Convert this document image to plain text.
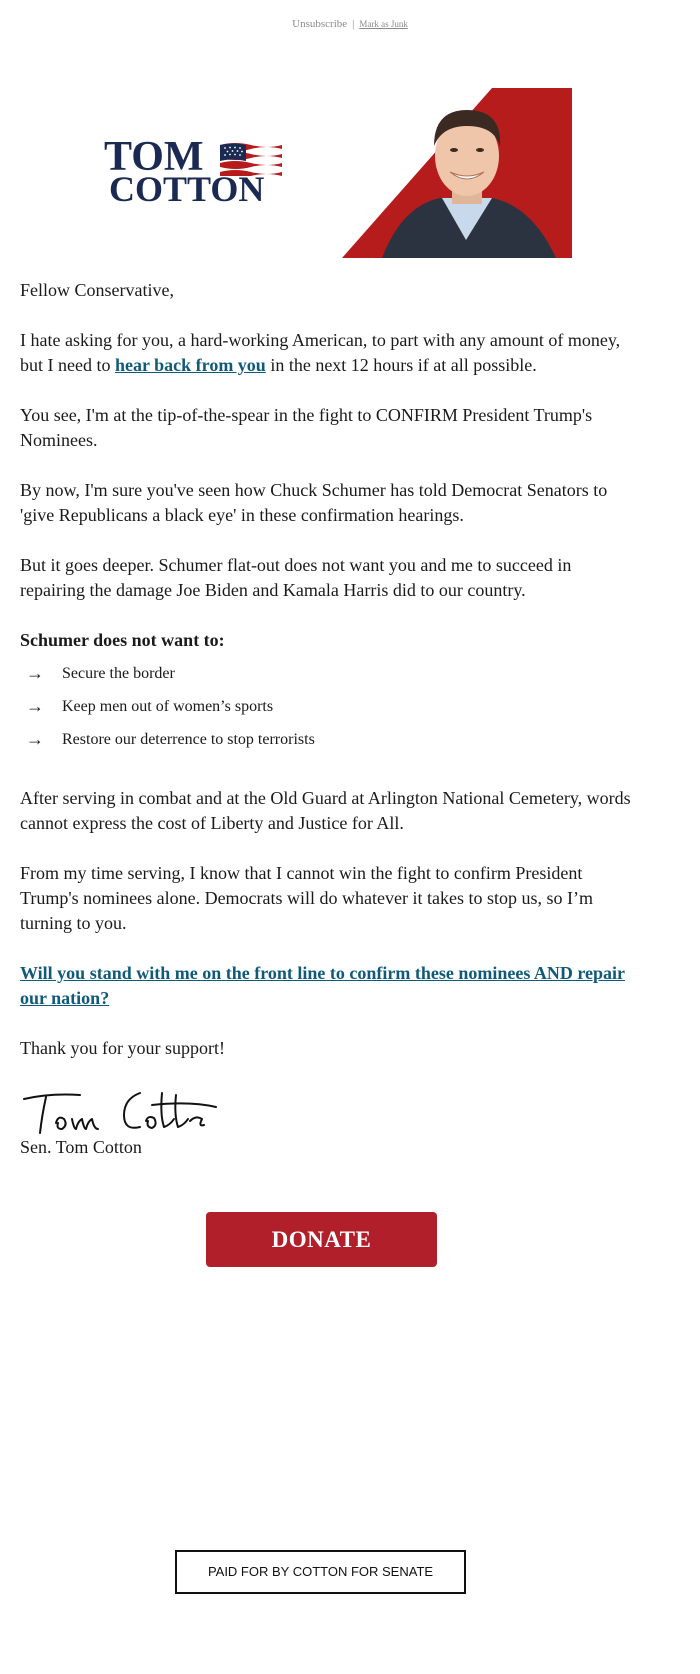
Unsubscribe | Mark as Junk
TOM
COTTON

Fellow Conservative,

I hate asking for you, a hard-working American, to part with any amount of money, but I need to hear back from you in the next 12 hours if at all possible.

You see, I'm at the tip-of-the-spear in the fight to CONFIRM President Trump's Nominees.

By now, I'm sure you've seen how Chuck Schumer has told Democrat Senators to 'give Republicans a black eye' in these confirmation hearings.

But it goes deeper. Schumer flat-out does not want you and me to succeed in repairing the damage Joe Biden and Kamala Harris did to our country.

Schumer does not want to:
→ Secure the border
→ Keep men out of women’s sports
→ Restore our deterrence to stop terrorists

After serving in combat and at the Old Guard at Arlington National Cemetery, words cannot express the cost of Liberty and Justice for All.

From my time serving, I know that I cannot win the fight to confirm President Trump's nominees alone. Democrats will do whatever it takes to stop us, so I’m turning to you.

Will you stand with me on the front line to confirm these nominees AND repair our nation?

Thank you for your support!

Sen. Tom Cotton
DONATE
PAID FOR BY COTTON FOR SENATE
